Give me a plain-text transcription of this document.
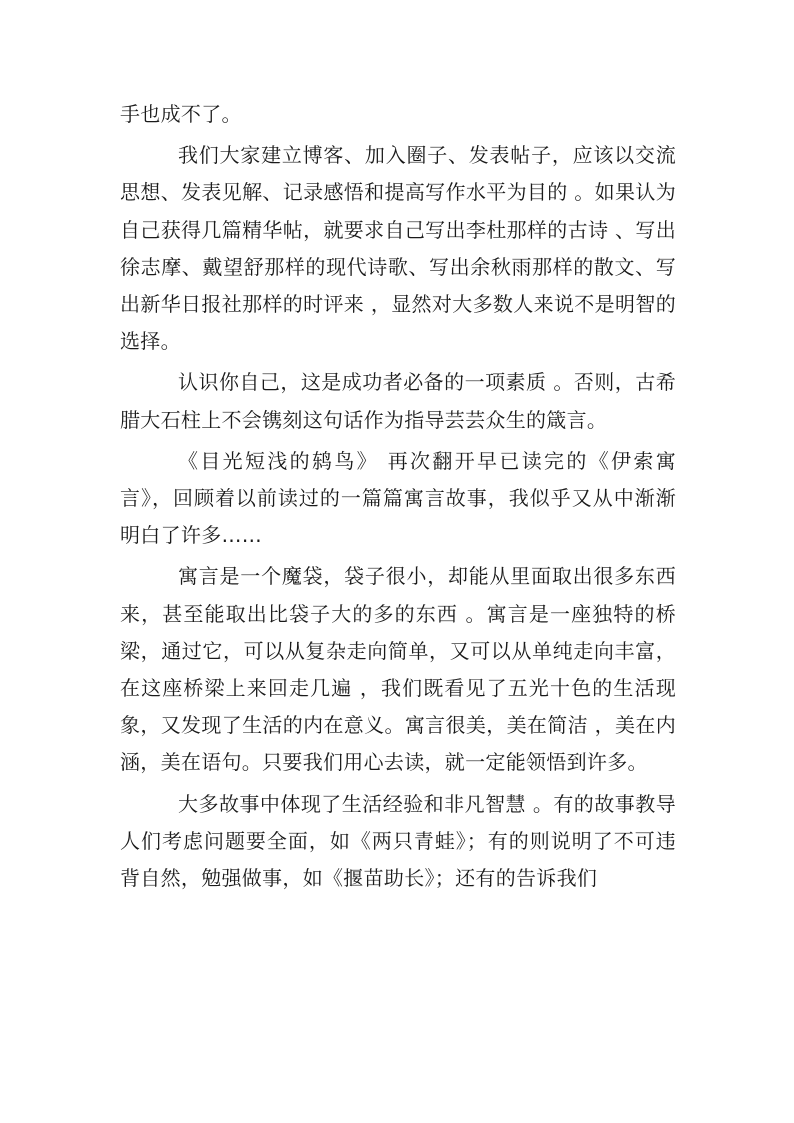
手也成不了。

我们大家建立博客、加入圈子、发表帖子，应该以交流思想、发表见解、记录感悟和提高写作水平为目的 。如果认为自己获得几篇精华帖，就要求自己写出李杜那样的古诗 、写出徐志摩、戴望舒那样的现代诗歌、写出余秋雨那样的散文、写出新华日报社那样的时评来 ，显然对大多数人来说不是明智的选择。

认识你自己，这是成功者必备的一项素质 。否则，古希腊大石柱上不会镌刻这句话作为指导芸芸众生的箴言。

《目光短浅的鸫鸟》 再次翻开早已读完的《伊索寓言》，回顾着以前读过的一篇篇寓言故事，我似乎又从中渐渐明白了许多……

寓言是一个魔袋，袋子很小，却能从里面取出很多东西来，甚至能取出比袋子大的多的东西 。寓言是一座独特的桥梁，通过它，可以从复杂走向简单，又可以从单纯走向丰富，在这座桥梁上来回走几遍 ，我们既看见了五光十色的生活现象，又发现了生活的内在意义。寓言很美，美在简洁 ，美在内涵，美在语句。只要我们用心去读，就一定能领悟到许多。

大多故事中体现了生活经验和非凡智慧 。有的故事教导人们考虑问题要全面，如《两只青蛙》；有的则说明了不可违背自然，勉强做事，如《揠苗助长》；还有的告诉我们
